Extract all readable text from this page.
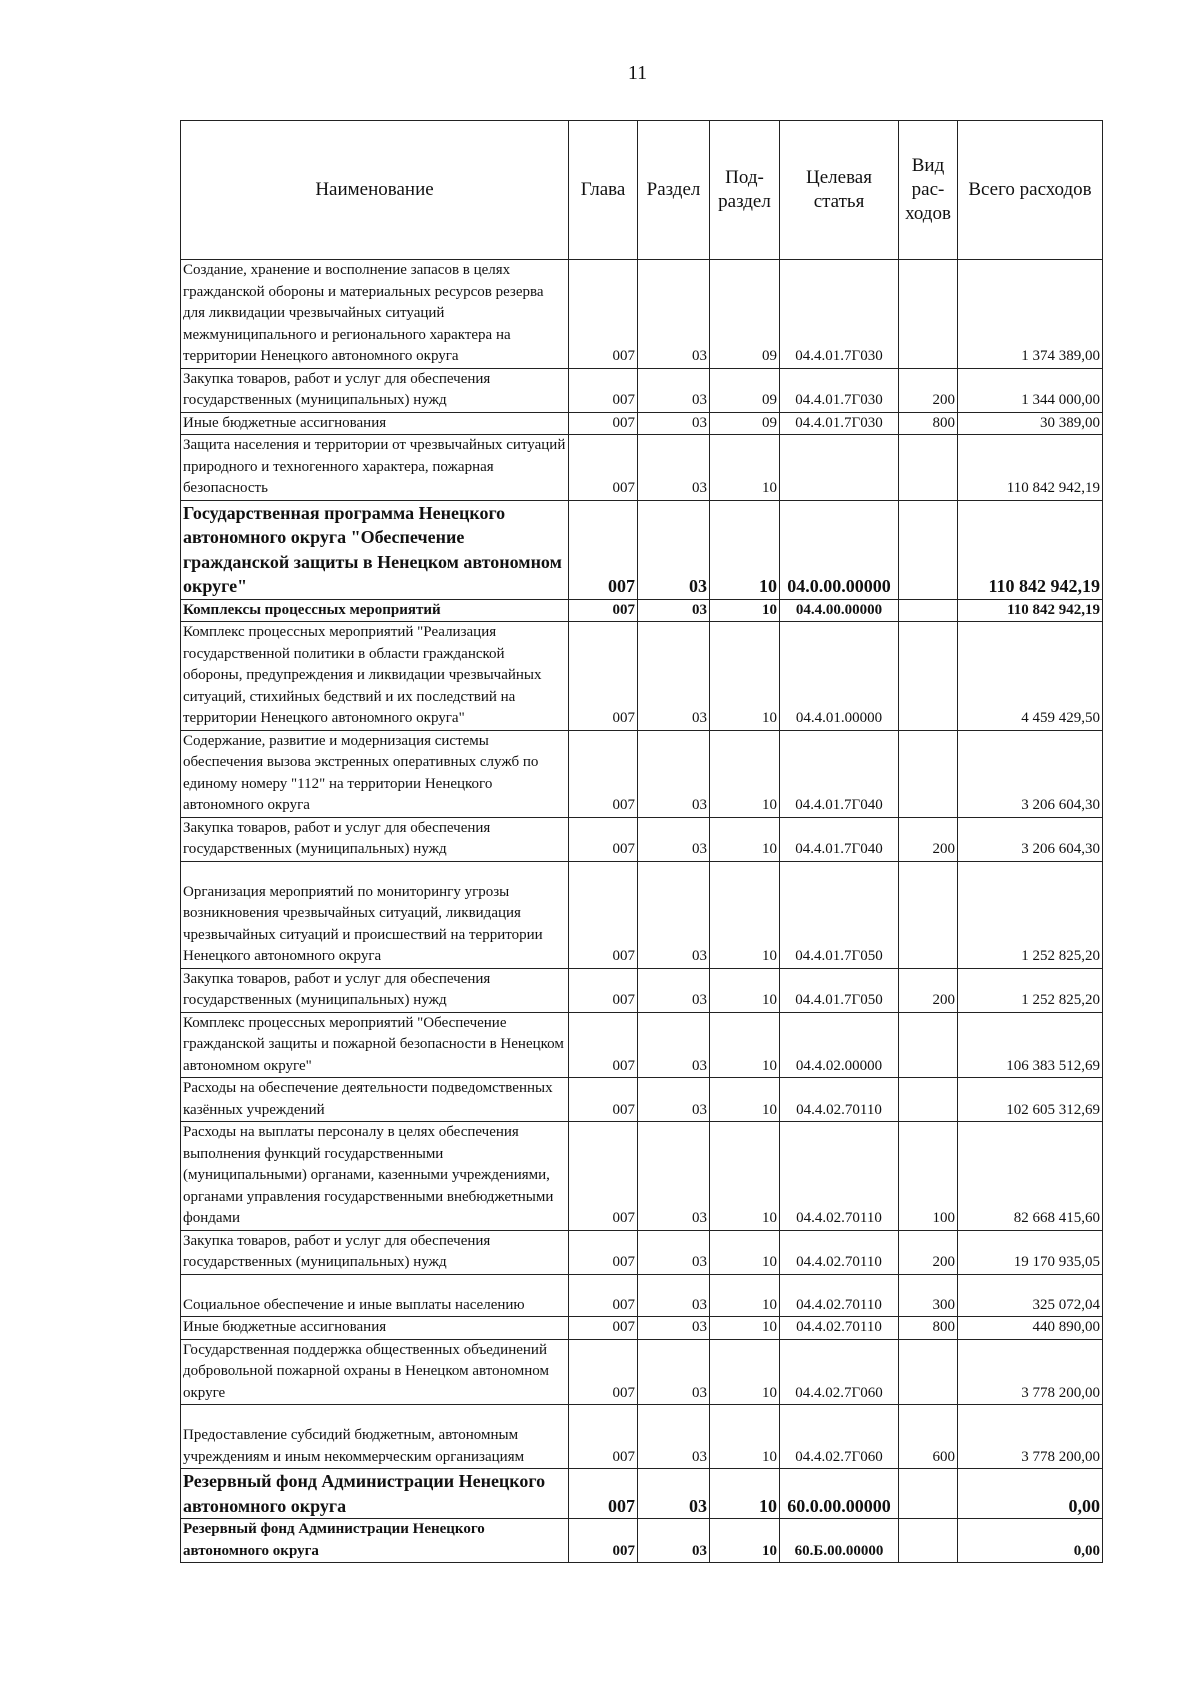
11
Наименование	Глава	Раздел	Под-раздел	Целевая статья	Вид рас-ходов	Всего расходов
Создание, хранение и восполнение запасов в целях гражданской обороны и материальных ресурсов резерва для ликвидации чрезвычайных ситуаций межмуниципального и регионального характера на территории Ненецкого автономного округа	007	03	09	04.4.01.7Г030		1 374 389,00
Закупка товаров, работ и услуг для обеспечения государственных (муниципальных) нужд	007	03	09	04.4.01.7Г030	200	1 344 000,00
Иные бюджетные ассигнования	007	03	09	04.4.01.7Г030	800	30 389,00
Защита населения и территории от чрезвычайных ситуаций природного и техногенного характера, пожарная безопасность	007	03	10			110 842 942,19
Государственная программа Ненецкого автономного округа "Обеспечение гражданской защиты в Ненецком автономном округе"	007	03	10	04.0.00.00000		110 842 942,19
Комплексы процессных мероприятий	007	03	10	04.4.00.00000		110 842 942,19
Комплекс процессных мероприятий "Реализация государственной политики в области гражданской обороны, предупреждения и ликвидации чрезвычайных ситуаций, стихийных бедствий и их последствий на территории Ненецкого автономного округа"	007	03	10	04.4.01.00000		4 459 429,50
Содержание, развитие и модернизация системы обеспечения вызова экстренных оперативных служб по единому номеру "112" на территории Ненецкого автономного округа	007	03	10	04.4.01.7Г040		3 206 604,30
Закупка товаров, работ и услуг для обеспечения государственных (муниципальных) нужд	007	03	10	04.4.01.7Г040	200	3 206 604,30
Организация мероприятий по мониторингу угрозы возникновения чрезвычайных ситуаций, ликвидация чрезвычайных ситуаций и происшествий на территории Ненецкого автономного округа	007	03	10	04.4.01.7Г050		1 252 825,20
Закупка товаров, работ и услуг для обеспечения государственных (муниципальных) нужд	007	03	10	04.4.01.7Г050	200	1 252 825,20
Комплекс процессных мероприятий "Обеспечение гражданской защиты и пожарной безопасности в Ненецком автономном округе"	007	03	10	04.4.02.00000		106 383 512,69
Расходы на обеспечение деятельности подведомственных казённых учреждений	007	03	10	04.4.02.70110		102 605 312,69
Расходы на выплаты персоналу в целях обеспечения выполнения функций государственными (муниципальными) органами, казенными учреждениями, органами управления государственными внебюджетными фондами	007	03	10	04.4.02.70110	100	82 668 415,60
Закупка товаров, работ и услуг для обеспечения государственных (муниципальных) нужд	007	03	10	04.4.02.70110	200	19 170 935,05
Социальное обеспечение и иные выплаты населению	007	03	10	04.4.02.70110	300	325 072,04
Иные бюджетные ассигнования	007	03	10	04.4.02.70110	800	440 890,00
Государственная поддержка общественных объединений добровольной пожарной охраны в Ненецком автономном округе	007	03	10	04.4.02.7Г060		3 778 200,00
Предоставление субсидий бюджетным, автономным учреждениям и иным некоммерческим организациям	007	03	10	04.4.02.7Г060	600	3 778 200,00
Резервный фонд Администрации Ненецкого автономного округа	007	03	10	60.0.00.00000		0,00
Резервный фонд Администрации Ненецкого автономного округа	007	03	10	60.Б.00.00000		0,00
